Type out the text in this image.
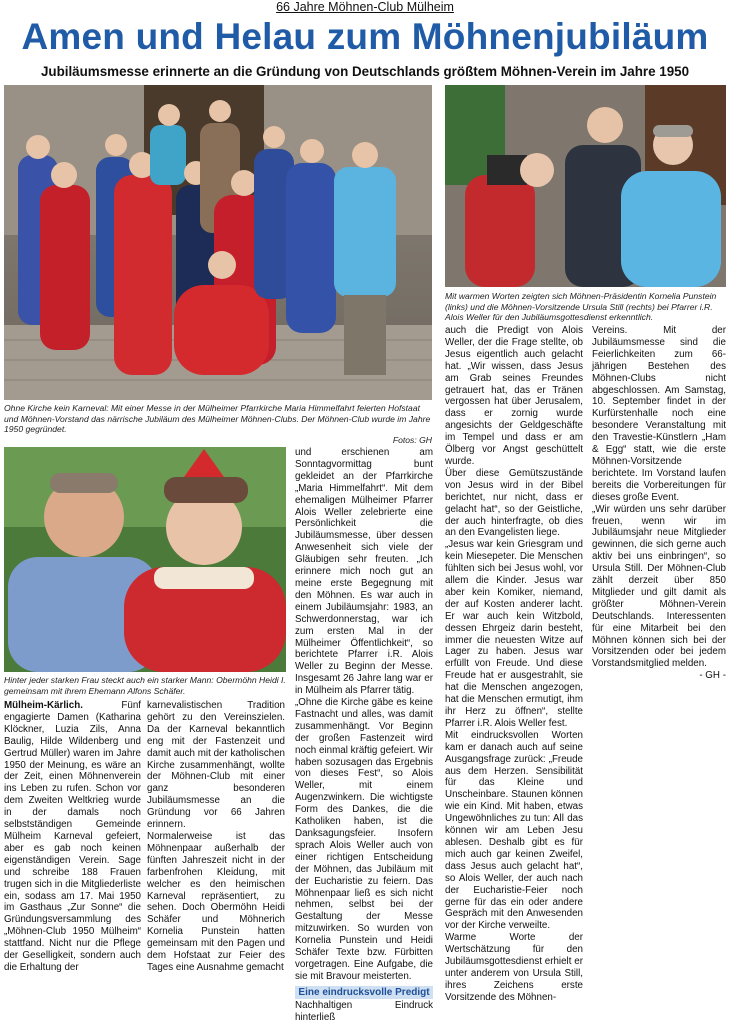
66 Jahre Möhnen-Club Mülheim
Amen und Helau zum Möhnenjubiläum
Jubiläumsmesse erinnerte an die Gründung von Deutschlands größtem Möhnen-Verein im Jahre 1950
Ohne Kirche kein Karneval: Mit einer Messe in der Mülheimer Pfarrkirche Maria Himmelfahrt feierten Hofstaat und Möhnen-Vorstand das närrische Jubiläum des Mülheimer Möhnen-Clubs. Der Möhnen-Club wurde im Jahre 1950 gegründet.
Fotos: GH
Mit warmen Worten zeigten sich Möhnen-Präsidentin Kornelia Punstein (links) und die Möhnen-Vorsitzende Ursula Still (rechts) bei Pfarrer i.R. Alois Weller für den Jubiläumsgottesdienst erkenntlich.
Hinter jeder starken Frau steckt auch ein starker Mann: Obermöhn Heidi I. gemeinsam mit ihrem Ehemann Alfons Schäfer.

Mülheim-Kärlich.	Fünf engagierte Damen (Katharina Klöckner, Luzia Zils, Anna Baulig, Hilde Wildenberg und Gertrud Müller) waren im Jahre 1950 der Meinung, es wäre an der Zeit, einen Möhnenverein ins Leben zu rufen. Schon vor dem Zweiten Weltkrieg wurde in der damals noch selbstständigen Gemeinde Mülheim Karneval gefeiert, aber es gab noch keinen eigenständigen Verein. Sage und schreibe 188 Frauen trugen sich in die Mitgliederliste ein, sodass am 17. Mai 1950 im Gasthaus „Zur Sonne“ die Gründungsversammlung des „Möhnen-Club 1950 Mülheim“ stattfand. Nicht nur die Pflege der Geselligkeit, sondern auch die Erhaltung der

karnevalistischen Tradition gehört zu den Vereinszielen. Da der Karneval bekanntlich eng mit der Fastenzeit und damit auch mit der katholischen Kirche zusammenhängt, wollte der Möhnen-Club mit einer ganz besonderen Jubiläumsmesse an die Gründung vor 66 Jahren erinnern.

Normalerweise ist das Möhnenpaar außerhalb der fünften Jahreszeit nicht in der farbenfrohen Kleidung, mit welcher es den heimischen Karneval repräsentiert, zu sehen. Doch Obermöhn Heidi Schäfer und Möhnerich Kornelia Punstein hatten gemeinsam mit den Pagen und dem Hofstaat zur Feier des Tages eine Ausnahme gemacht

und erschienen am Sonntagvormittag bunt gekleidet an der Pfarrkirche „Maria Himmelfahrt“. Mit dem ehemaligen Mülheimer Pfarrer Alois Weller zelebrierte eine Persönlichkeit die Jubiläumsmesse, über dessen Anwesenheit sich viele der Gläubigen sehr freuten. „Ich erinnere mich noch gut an meine erste Begegnung mit den Möhnen. Es war auch in einem Jubiläumsjahr: 1983, an Schwerdonnerstag, war ich zum ersten Mal in der Mülheimer Öffentlichkeit“, so berichtete Pfarrer i.R. Alois Weller zu Beginn der Messe. Insgesamt 26 Jahre lang war er in Mülheim als Pfarrer tätig.

„Ohne die Kirche gäbe es keine Fastnacht und alles, was damit zusammenhängt. Vor Beginn der großen Fastenzeit wird noch einmal kräftig gefeiert. Wir haben sozusagen das Ergebnis von dieses Fest“, so Alois Weller, mit einem Augenzwinkern. Die wichtigste Form des Dankes, die die Katholiken haben, ist die Danksagungsfeier. Insofern sprach Alois Weller auch von einer richtigen Entscheidung der Möhnen, das Jubiläum mit der Eucharistie zu feiern. Das Möhnenpaar ließ es sich nicht nehmen, selbst bei der Gestaltung der Messe mitzuwirken. So wurden von Kornelia Punstein und Heidi Schäfer Texte bzw. Fürbitten vorgetragen. Eine Aufgabe, die sie mit Bravour meisterten.

Eine eindrucksvolle Predigt

Nachhaltigen Eindruck hinterließ

auch die Predigt von Alois Weller, der die Frage stellte, ob Jesus eigentlich auch gelacht hat. „Wir wissen, dass Jesus am Grab seines Freundes getrauert hat, das er Tränen vergossen hat über Jerusalem, dass er zornig wurde angesichts der Geldgeschäfte im Tempel und dass er am Ölberg vor Angst geschüttelt wurde.

Über diese Gemütszustände von Jesus wird in der Bibel berichtet, nur nicht, dass er gelacht hat“, so der Geistliche, der auch hinterfragte, ob dies an den Evangelisten liege.

„Jesus war kein Griesgram und kein Miesepeter. Die Menschen fühlten sich bei Jesus wohl, vor allem die Kinder. Jesus war aber kein Komiker, niemand, der auf Kosten anderer lacht. Er war auch kein Witzbold, dessen Ehrgeiz darin besteht, immer die neuesten Witze auf Lager zu haben. Jesus war erfüllt von Freude. Und diese Freude hat er ausgestrahlt, sie hat die Menschen angezogen, hat die Menschen ermutigt, ihm ihr Herz zu öffnen“, stellte Pfarrer i.R. Alois Weller fest.

Mit eindrucksvollen Worten kam er danach auch auf seine Ausgangsfrage zurück: „Freude aus dem Herzen. Sensibilität für das Kleine und Unscheinbare. Staunen können wie ein Kind. Mit haben, etwas Ungewöhnliches zu tun: All das können wir am Leben Jesu ablesen. Deshalb gibt es für mich auch gar keinen Zweifel, dass Jesus auch gelacht hat“, so Alois Weller, der auch nach der Eucharistie-Feier noch gerne für das ein oder andere Gespräch mit den Anwesenden vor der Kirche verweilte.

Warme Worte der Wertschätzung für den Jubiläumsgottesdienst erhielt er unter anderem von Ursula Still, ihres Zeichens erste Vorsitzende des Möhnen-

Vereins. Mit der Jubiläumsmesse sind die Feierlichkeiten zum 66-jährigen Bestehen des Möhnen-Clubs nicht abgeschlossen. Am Samstag, 10. September findet in der Kurfürstenhalle noch eine besondere Veranstaltung mit den Travestie-Künstlern „Ham & Egg“ statt, wie die erste Möhnen-Vorsitzende berichtete. Im Vorstand laufen bereits die Vorbereitungen für dieses große Event.

„Wir würden uns sehr darüber freuen, wenn wir im Jubiläumsjahr neue Mitglieder gewinnen, die sich gerne auch aktiv bei uns einbringen“, so Ursula Still. Der Möhnen-Club zählt derzeit über 850 Mitglieder und gilt damit als größter Möhnen-Verein Deutschlands. Interessenten für eine Mitarbeit bei den Möhnen können sich bei der Vorsitzenden oder bei jedem Vorstandsmitglied melden.

- GH -
